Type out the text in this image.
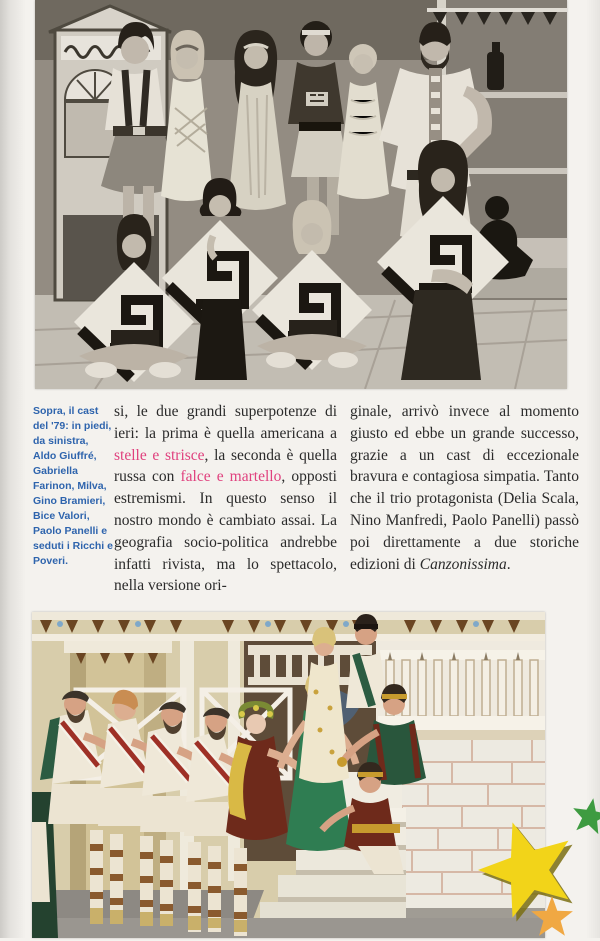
Sopra, il cast del '79: in piedi, da sinistra, Aldo Giuffré, Gabriella Farinon, Milva, Gino Bramieri, Bice Valori, Paolo Panelli e seduti i Ricchi e Poveri.

si, le due grandi superpotenze di ieri: la prima è quella americana a stelle e strisce, la seconda è quella russa con falce e martello, opposti estremismi. In questo senso il nostro mondo è cambiato assai. La geografia socio-politica andrebbe infatti rivista, ma lo spettacolo, nella versione ori-

ginale, arrivò invece al momento giusto ed ebbe un grande successo, grazie a un cast di eccezionale bravura e contagiosa simpatia. Tanto che il trio protagonista (Delia Scala, Nino Manfredi, Paolo Panelli) passò poi direttamente a due storiche edizioni di Canzonissima.
